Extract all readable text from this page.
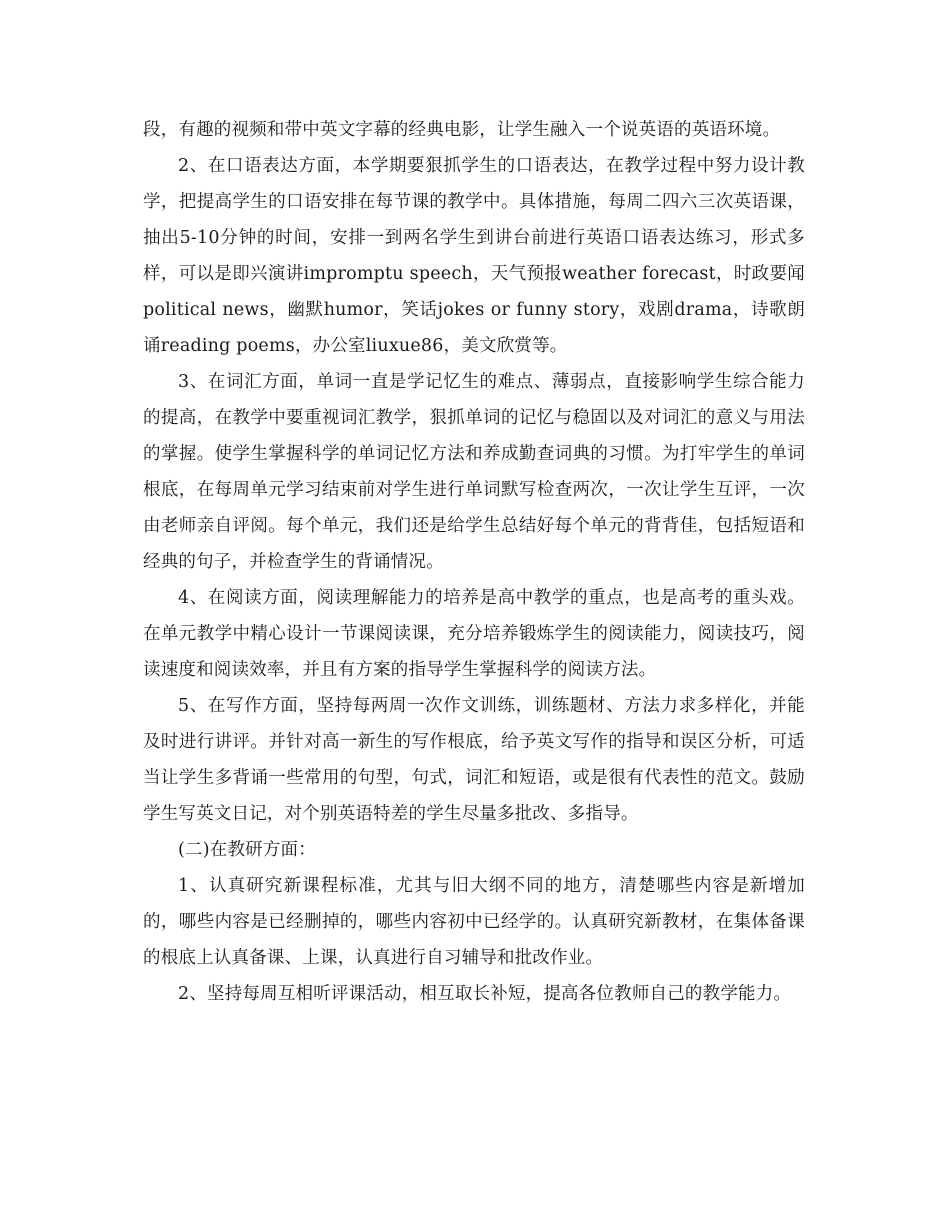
段，有趣的视频和带中英文字幕的经典电影，让学生融入一个说英语的英语环境。

2、在口语表达方面，本学期要狠抓学生的口语表达，在教学过程中努力设计教学，把提高学生的口语安排在每节课的教学中。具体措施，每周二四六三次英语课，抽出5-10分钟的时间，安排一到两名学生到讲台前进行英语口语表达练习，形式多样，可以是即兴演讲impromptu speech，天气预报weather forecast，时政要闻political news，幽默humor，笑话jokes or funny story，戏剧drama，诗歌朗诵reading poems，办公室liuxue86，美文欣赏等。

3、在词汇方面，单词一直是学记忆生的难点、薄弱点，直接影响学生综合能力的提高，在教学中要重视词汇教学，狠抓单词的记忆与稳固以及对词汇的意义与用法的掌握。使学生掌握科学的单词记忆方法和养成勤查词典的习惯。为打牢学生的单词根底，在每周单元学习结束前对学生进行单词默写检查两次，一次让学生互评，一次由老师亲自评阅。每个单元，我们还是给学生总结好每个单元的背背佳，包括短语和经典的句子，并检查学生的背诵情况。

4、在阅读方面，阅读理解能力的培养是高中教学的重点，也是高考的重头戏。在单元教学中精心设计一节课阅读课，充分培养锻炼学生的阅读能力，阅读技巧，阅读速度和阅读效率，并且有方案的指导学生掌握科学的阅读方法。

5、在写作方面，坚持每两周一次作文训练，训练题材、方法力求多样化，并能及时进行讲评。并针对高一新生的写作根底，给予英文写作的指导和误区分析，可适当让学生多背诵一些常用的句型，句式，词汇和短语，或是很有代表性的范文。鼓励学生写英文日记，对个别英语特差的学生尽量多批改、多指导。

(二)在教研方面：

1、认真研究新课程标准，尤其与旧大纲不同的地方，清楚哪些内容是新增加的，哪些内容是已经删掉的，哪些内容初中已经学的。认真研究新教材，在集体备课的根底上认真备课、上课，认真进行自习辅导和批改作业。

2、坚持每周互相听评课活动，相互取长补短，提高各位教师自己的教学能力。
